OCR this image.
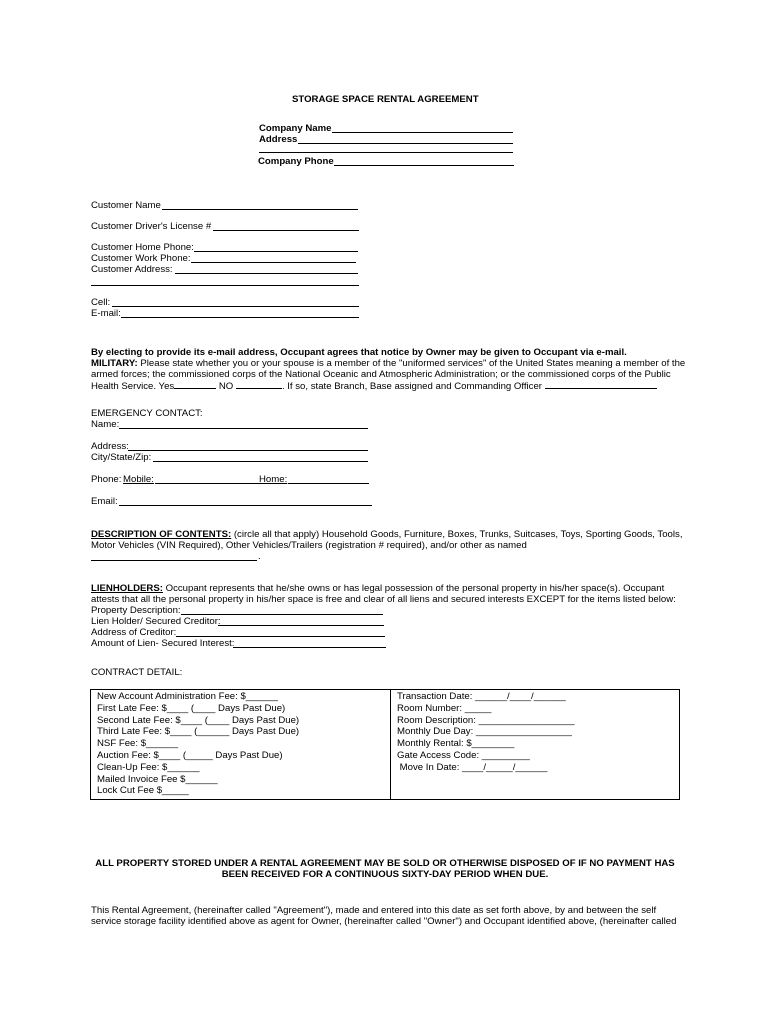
STORAGE SPACE RENTAL AGREEMENT
Company Name
Address
Company Phone
Customer Name
Customer Driver's License #
Customer Home Phone:
Customer Work Phone:
Customer Address:
Cell:
E-mail:
By electing to provide its e-mail address, Occupant agrees that notice by Owner may be given to Occupant via e-mail.
MILITARY: Please state whether you or your spouse is a member of the "uniformed services" of the United States meaning a member of the
armed forces; the commissioned corps of the National Oceanic and Atmospheric Administration; or the commissioned corps of the Public
Health Service. Yes	NO	. If so, state Branch, Base assigned and Commanding Officer
EMERGENCY CONTACT:
Name:
Address:
City/State/Zip:
Phone: Mobile:	Home:
Email:
DESCRIPTION OF CONTENTS: (circle all that apply) Household Goods, Furniture, Boxes, Trunks, Suitcases, Toys, Sporting Goods, Tools,
Motor Vehicles (VIN Required), Other Vehicles/Trailers (registration # required), and/or other as named
.
LIENHOLDERS: Occupant represents that he/she owns or has legal possession of the personal property in his/her space(s). Occupant
attests that all the personal property in his/her space is free and clear of all liens and secured interests EXCEPT for the items listed below:
Property Description:
Lien Holder/ Secured Creditor:
Address of Creditor:
Amount of Lien- Secured Interest:
CONTRACT DETAIL:
New Account Administration Fee: $______
First Late Fee: $____ (____ Days Past Due)
Second Late Fee: $____ (____ Days Past Due)
Third Late Fee: $____ (______ Days Past Due)
NSF Fee: $______
Auction Fee: $____ (_____ Days Past Due)
Clean-Up Fee: $______
Mailed Invoice Fee $______
Lock Cut Fee $_____

Transaction Date: ______/____/______
Room Number: _____
Room Description: __________________
Monthly Due Day: __________________
Monthly Rental: $________
Gate Access Code: _________
Move In Date: ____/_____/______
ALL PROPERTY STORED UNDER A RENTAL AGREEMENT MAY BE SOLD OR OTHERWISE DISPOSED OF IF NO PAYMENT HAS
BEEN RECEIVED FOR A CONTINUOUS SIXTY-DAY PERIOD WHEN DUE.
This Rental Agreement, (hereinafter called "Agreement"), made and entered into this date as set forth above, by and between the self
service storage facility identified above as agent for Owner, (hereinafter called "Owner") and Occupant identified above, (hereinafter called
